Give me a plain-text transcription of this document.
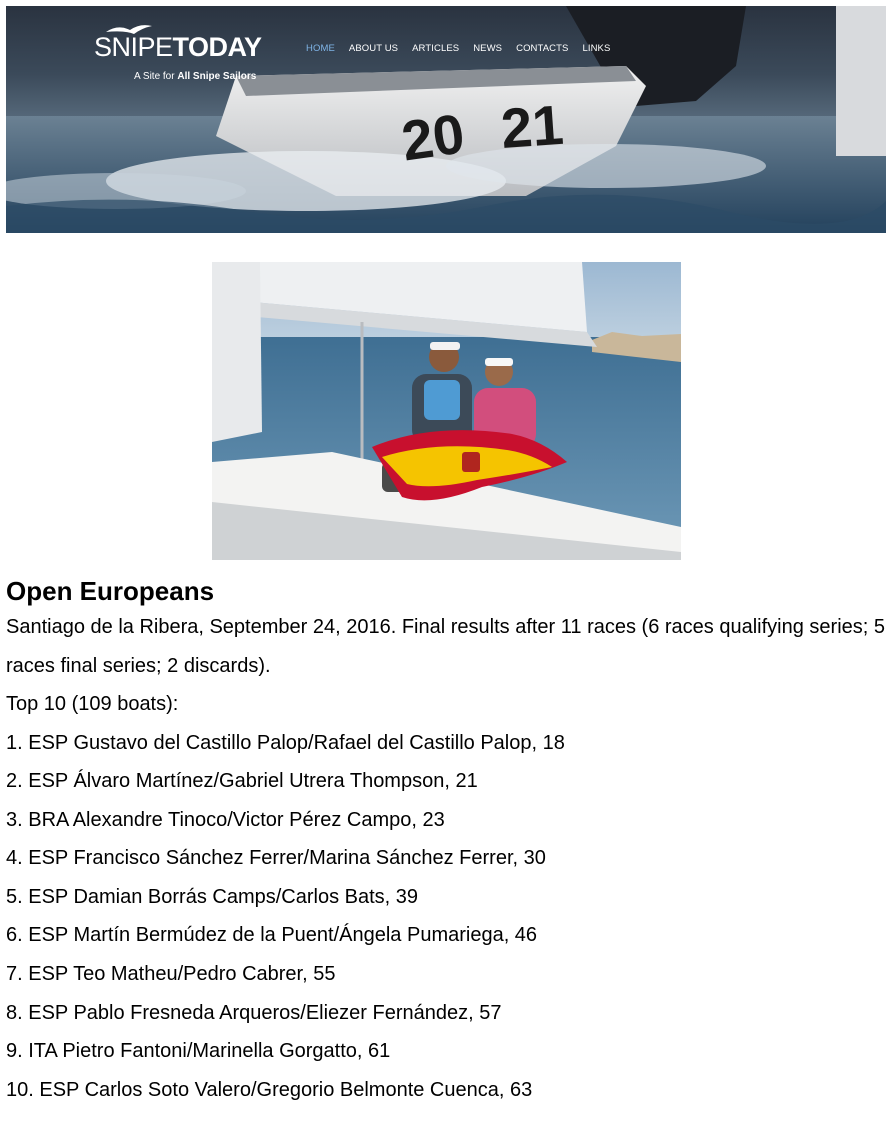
20 21
SNIPETODAY
A Site for All Snipe Sailors
HOME ABOUT US ARTICLES NEWS CONTACTS LINKS
Open Europeans

Santiago de la Ribera, September 24, 2016. Final results after 11 races (6 races qualifying series; 5 races final series; 2 discards).

Top 10 (109 boats):

1. ESP Gustavo del Castillo Palop/Rafael del Castillo Palop, 18
2. ESP Álvaro Martínez/Gabriel Utrera Thompson, 21
3. BRA Alexandre Tinoco/Victor Pérez Campo, 23
4. ESP Francisco Sánchez Ferrer/Marina Sánchez Ferrer, 30
5. ESP Damian Borrás Camps/Carlos Bats, 39
6. ESP Martín Bermúdez de la Puent/Ángela Pumariega, 46
7. ESP Teo Matheu/Pedro Cabrer, 55
8. ESP Pablo Fresneda Arqueros/Eliezer Fernández, 57
9. ITA Pietro Fantoni/Marinella Gorgatto, 61
10. ESP Carlos Soto Valero/Gregorio Belmonte Cuenca, 63
